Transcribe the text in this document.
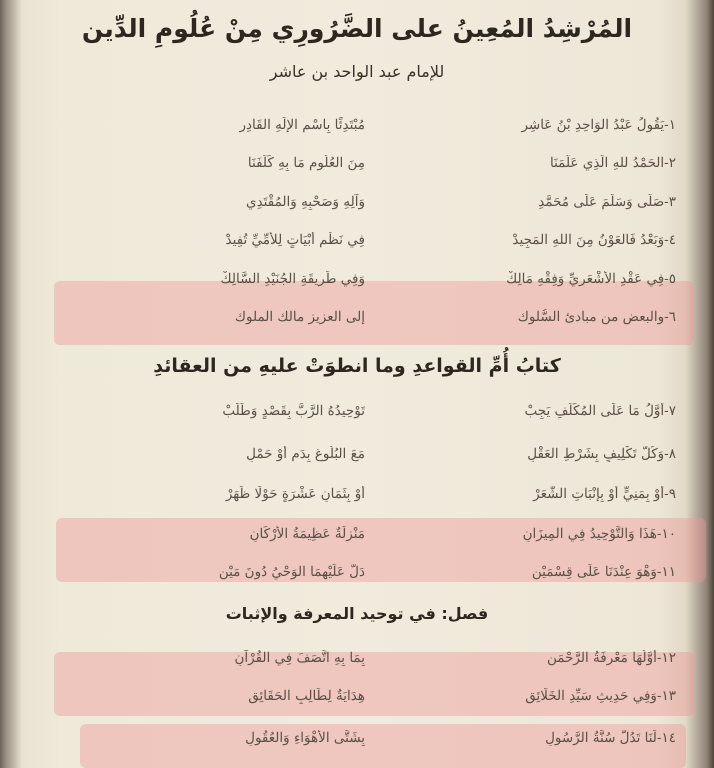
المُرْشِدُ المُعِينُ على الضَّرُورِي مِنْ عُلُومِ الدِّين
للإمام عبد الواحد بن عاشر
١-يَقُولُ عَبْدُ الوَاحِدِ بْنُ عَاشِرِ
مُبْتَدِئًا بِاسْمِ الإلَهِ القَادِرِ
٢-الحَمْدُ للهِ الَّذِي عَلَّمَنَا
مِنَ العُلُومِ مَا بِهِ كَلَّفَنَا
٣-صَلَّى وَسَلَّمَ عَلَى مُحَمَّدِ
وَآلِهِ وَصَحْبِهِ وَالمُقْتَدِي
٤-وَبَعْدُ فَالعَوْنُ مِنَ اللهِ المَجِيدْ
فِي نَظْمِ أَبْيَاتٍ لِلأُمِّيِّ تُفِيدْ
٥-فِي عَقْدِ الأَشْعَرِيِّ وَفِقْهِ مَالِكْ
وَفِي طَرِيقَةِ الجُنَيْدِ السَّالِكْ
٦-والبعض من مبادئ السُّلوك
إلى العزيز مالك الملوك
كتابُ أُمِّ القواعدِ وما انطوَتْ عليهِ من العقائدِ
٧-أَوَّلُ مَا عَلَى المُكَلَّفِ يَجِبْ
تَوْحِيدُهُ الرَّبَّ بِقَصْدٍ وَطَلَبْ
٨-وَكُلُّ تَكْلِيفٍ بِشَرْطِ العَقْلِ
مَعَ البُلُوغِ بِدَمٍ أَوْ حَمْلِ
٩-أَوْ بِمَنِيٍّ أَوْ بِإِنْبَاتِ الشَّعَرْ
أَوْ بِثَمَانِ عَشْرَةٍ حَوْلًا ظَهَرْ
١٠-هَذَا وَالتَّوْحِيدُ فِي المِيزَانِ
مَنْزِلَةٌ عَظِيمَةُ الأَرْكَانِ
١١-وَهْوَ عِنْدَنَا عَلَى قِسْمَيْنِ
دَلَّ عَلَيْهِمَا الوَحْيُ دُونَ مَيْنِ
فصل: في توحيد المعرفة والإثبات
١٢-أَوَّلُهَا مَعْرِفَةُ الرَّحْمَنِ
بِمَا بِهِ اتَّصَفَ فِي القُرْآنِ
١٣-وَفِي حَدِيثِ سَيِّدِ الخَلَائِقِ
هِدَايَةٌ لِطَالِبِ الحَقَائِقِ
١٤-لَنَا تَدُلُّ سُنَّةُ الرَّسُولِ
بِشَتَّى الأَهْوَاءِ وَالعُقُولِ
